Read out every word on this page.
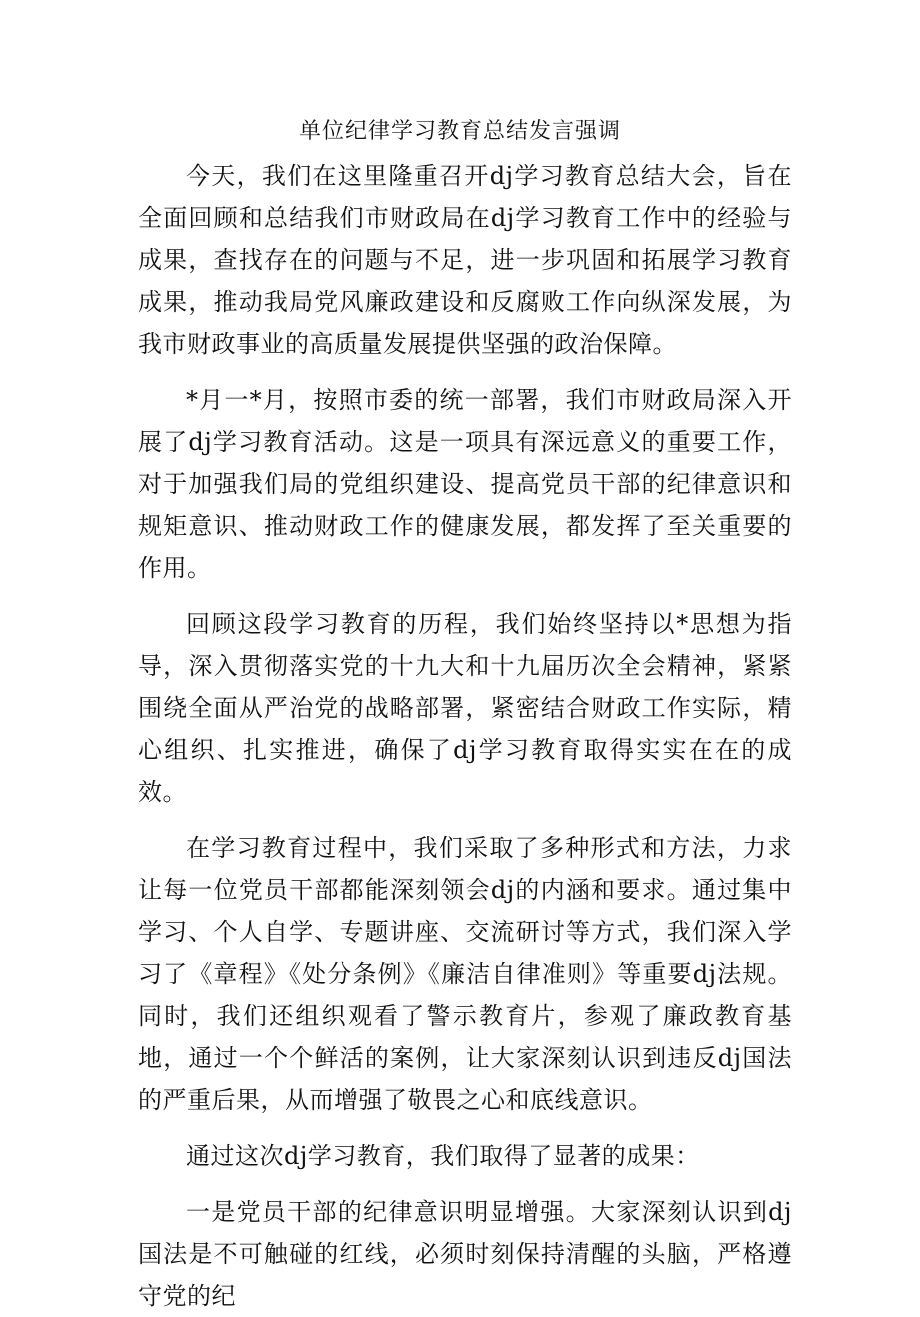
单位纪律学习教育总结发言强调

今天，我们在这里隆重召开dj学习教育总结大会，旨在全面回顾和总结我们市财政局在dj学习教育工作中的经验与成果，查找存在的问题与不足，进一步巩固和拓展学习教育成果，推动我局党风廉政建设和反腐败工作向纵深发展，为我市财政事业的高质量发展提供坚强的政治保障。

*月一*月，按照市委的统一部署，我们市财政局深入开展了dj学习教育活动。这是一项具有深远意义的重要工作，对于加强我们局的党组织建设、提高党员干部的纪律意识和规矩意识、推动财政工作的健康发展，都发挥了至关重要的作用。

回顾这段学习教育的历程，我们始终坚持以*思想为指导，深入贯彻落实党的十九大和十九届历次全会精神，紧紧围绕全面从严治党的战略部署，紧密结合财政工作实际，精心组织、扎实推进，确保了dj学习教育取得实实在在的成效。

在学习教育过程中，我们采取了多种形式和方法，力求让每一位党员干部都能深刻领会dj的内涵和要求。通过集中学习、个人自学、专题讲座、交流研讨等方式，我们深入学习了《章程》《处分条例》《廉洁自律准则》等重要dj法规。同时，我们还组织观看了警示教育片，参观了廉政教育基地，通过一个个鲜活的案例，让大家深刻认识到违反dj国法的严重后果，从而增强了敬畏之心和底线意识。

通过这次dj学习教育，我们取得了显著的成果：

一是党员干部的纪律意识明显增强。大家深刻认识到dj国法是不可触碰的红线，必须时刻保持清醒的头脑，严格遵守党的纪
